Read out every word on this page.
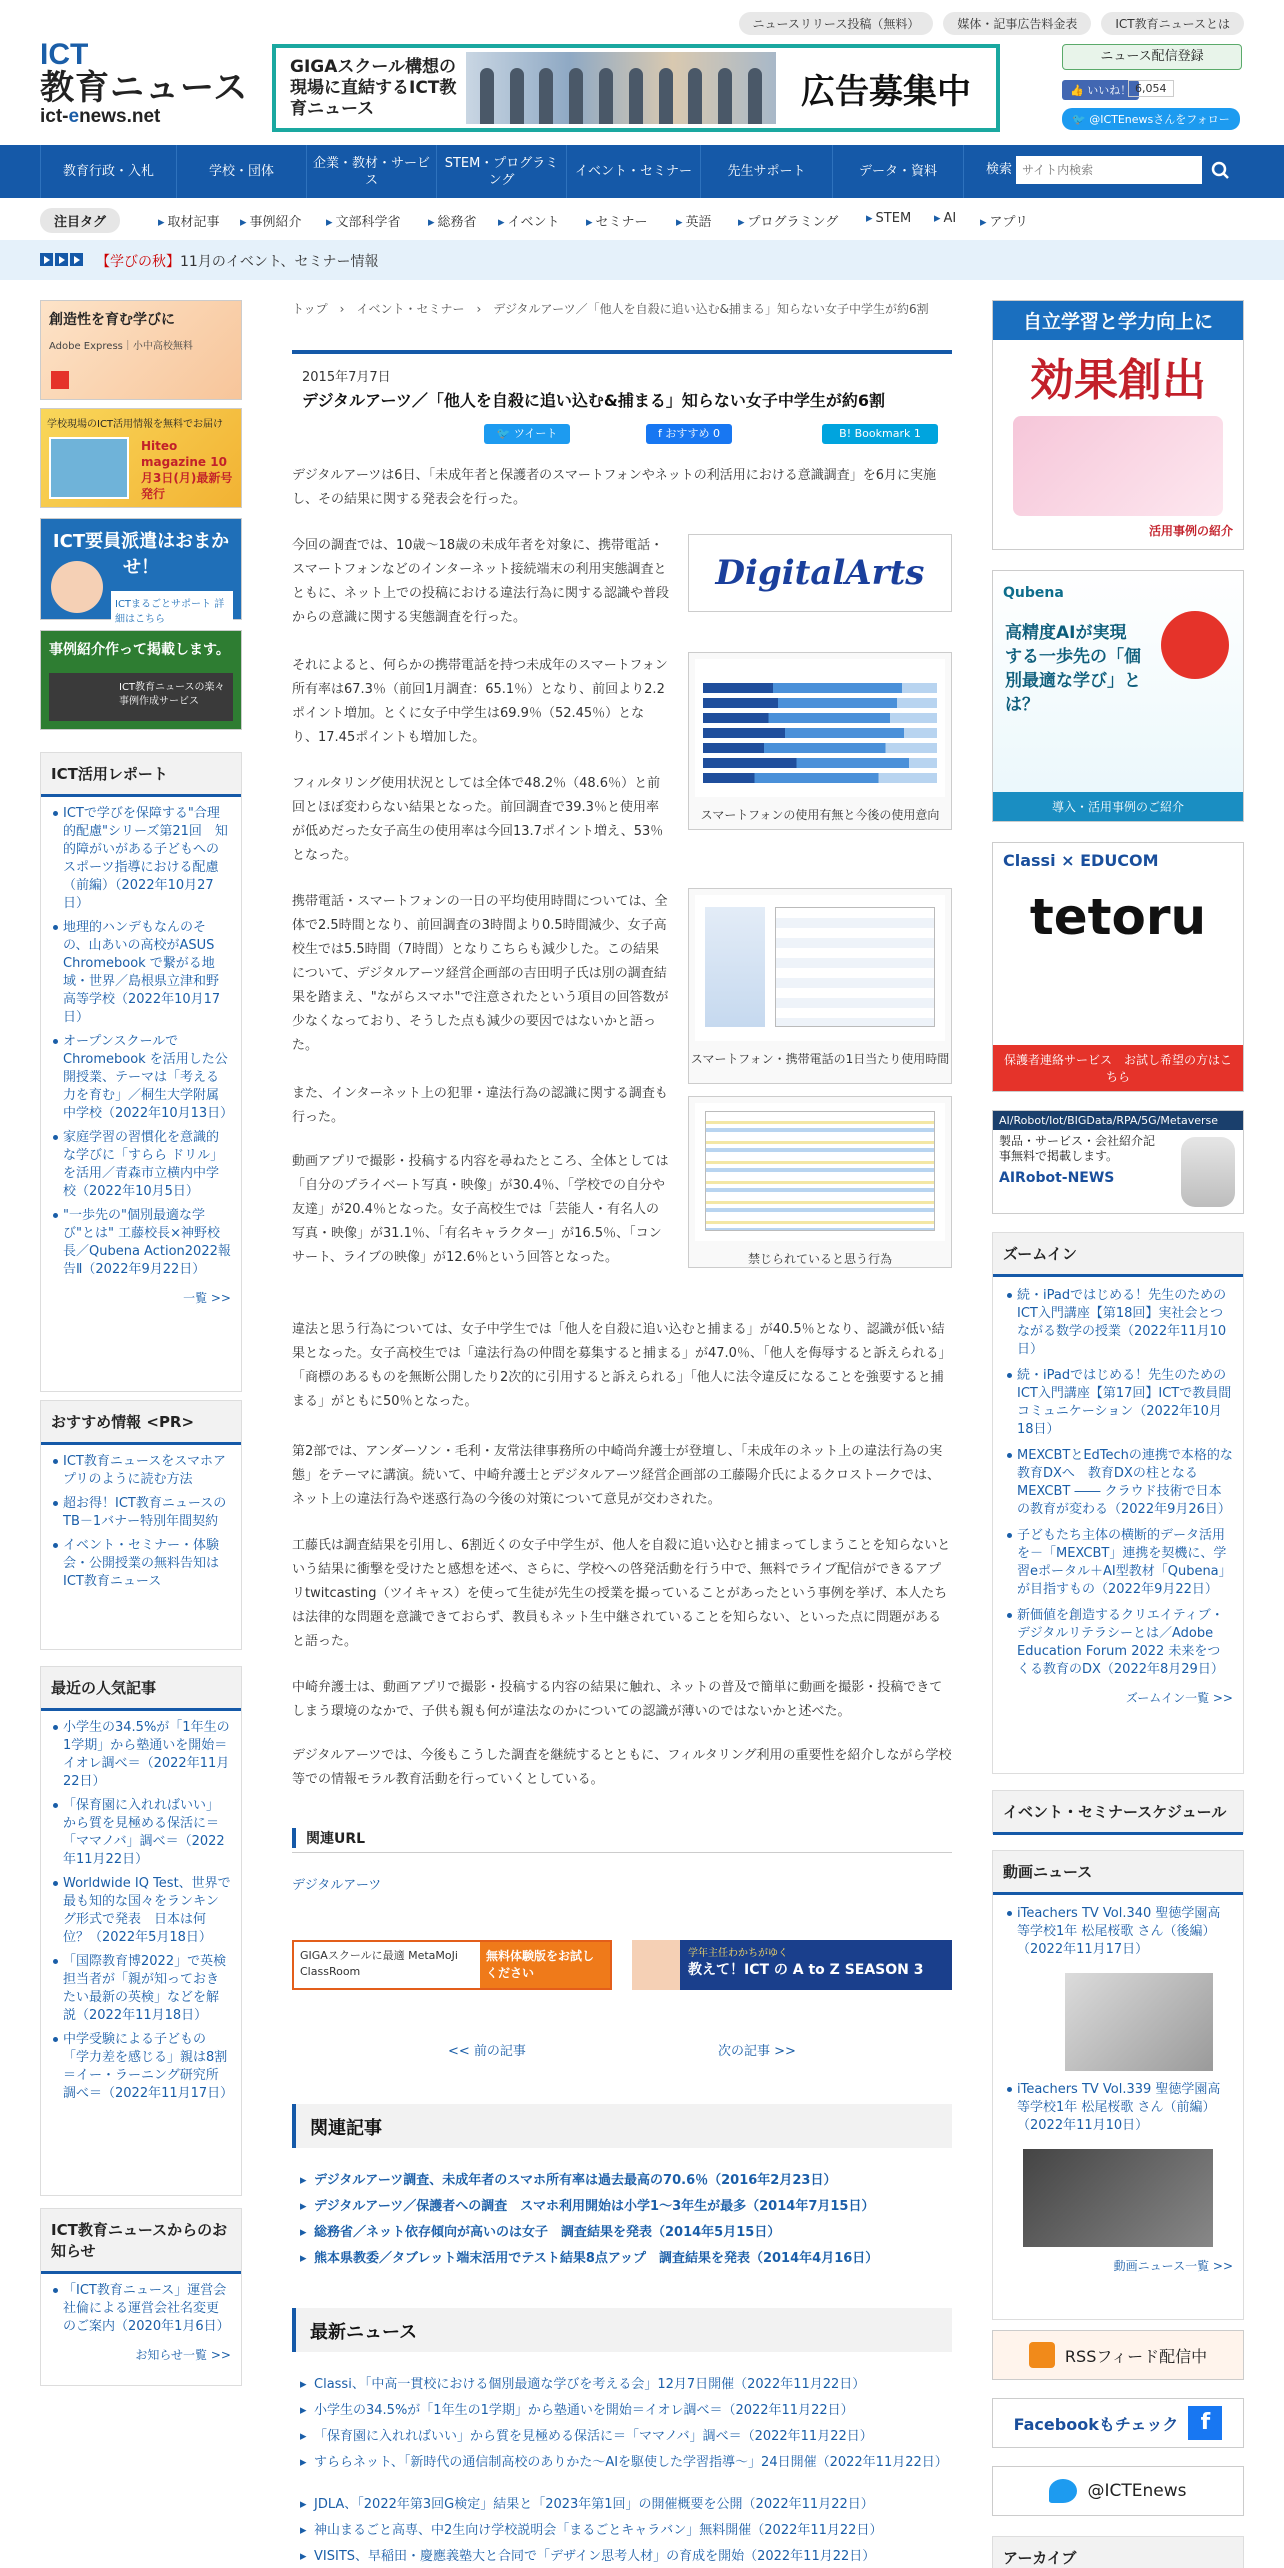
ニュースリリース投稿（無料）	媒体・記事広告料金表	ICT教育ニュースとは
ICT
教育ニュース
ict-enews.net
GIGAスクール構想の現場に直結するICT教育ニュース	広告募集中
ニュース配信登録
👍 いいね！ 6,054
🐦 @ICTEnewsさんをフォロー
教育行政・入札	学校・団体
企業・教材・サービス
STEM・プログラミング
イベント・セミナー	先生サポート	データ・資料	検索
サイト内検索
注目タグ	▸ 取材記事	▸ 事例紹介	▸ 文部科学省	▸ 総務省	▸ イベント	▸ セミナー	▸ 英語	▸ プログラミング	▸ STEM	▸ AI	▸ アプリ
【学びの秋】11月のイベント、セミナー情報
創造性を育む学びに
Adobe Express｜小中高校無料
学校現場のICT活用情報を無料でお届け
Hiteo magazine 10月3日(月)最新号発行
ICT要員派遣はおまかせ！
ICTまるごとサポート 詳細はこちら
事例紹介作って掲載します。
ICT教育ニュースの楽々事例作成サービス
ICT活用レポート
ICTで学びを保障する"合理的配慮"シリーズ第21回　知的障がいがある子どもへのスポーツ指導における配慮（前編）（2022年10月27日）
地理的ハンデもなんのその、山あいの高校がASUS Chromebook で繋がる地域・世界／島根県立津和野高等学校（2022年10月17日）
オープンスクールでChromebook を活用した公開授業、テーマは「考える力を育む」／桐生大学附属中学校（2022年10月13日）
家庭学習の習慣化を意識的な学びに「すらら ドリル」を活用／青森市立横内中学校（2022年10月5日）
"一歩先の"個別最適な学び"とは" 工藤校長×神野校長／Qubena Action2022報告Ⅱ（2022年9月22日）
一覧 >>
おすすめ情報 <PR>
ICT教育ニュースをスマホアプリのように読む方法
超お得！ICT教育ニュースのTB－1バナー特別年間契約
イベント・セミナー・体験会・公開授業の無料告知はICT教育ニュース
最近の人気記事
小学生の34.5%が「1年生の1学期」から塾通いを開始＝イオレ調べ＝（2022年11月22日）
「保育園に入れればいい」から質を見極める保活に＝「ママノバ」調べ＝（2022年11月22日）
Worldwide IQ Test、世界で最も知的な国々をランキング形式で発表　日本は何位？（2022年5月18日）
「国際教育博2022」で英検担当者が「親が知っておきたい最新の英検」などを解説（2022年11月18日）
中学受験による子どもの「学力差を感じる」親は8割＝イー・ラーニング研究所調べ＝（2022年11月17日）
ICT教育ニュースからのお知らせ
「ICT教育ニュース」運営会社倫による運営会社名変更のご案内（2020年1月6日）
お知らせ一覧 >>
トップ　›　イベント・セミナー　›　デジタルアーツ／「他人を自殺に追い込む&捕まる」知らない女子中学生が約6割
2015年7月7日
デジタルアーツ／「他人を自殺に追い込む&捕まる」知らない女子中学生が約6割
🐦 ツイート	f おすすめ 0	B! Bookmark 1
デジタルアーツは6日、「未成年者と保護者のスマートフォンやネットの利活用における意識調査」を6月に実施し、その結果に関する発表会を行った。
今回の調査では、10歳～18歳の未成年者を対象に、携帯電話・スマートフォンなどのインターネット接続端末の利用実態調査とともに、ネット上での投稿における違法行為に関する認識や普段からの意識に関する実態調査を行った。
それによると、何らかの携帯電話を持つ未成年のスマートフォン所有率は67.3％（前回1月調査：65.1％）となり、前回より2.2ポイント増加。とくに女子中学生は69.9％（52.45％）となり、17.45ポイントも増加した。
フィルタリング使用状況としては全体で48.2％（48.6％）と前回とほぼ変わらない結果となった。前回調査で39.3％と使用率が低めだった女子高生の使用率は今回13.7ポイント増え、53％となった。
携帯電話・スマートフォンの一日の平均使用時間については、全体で2.5時間となり、前回調査の3時間より0.5時間減少、女子高校生では5.5時間（7時間）となりこちらも減少した。この結果について、デジタルアーツ経営企画部の吉田明子氏は別の調査結果を踏まえ、"ながらスマホ"で注意されたという項目の回答数が少なくなっており、そうした点も減少の要因ではないかと語った。
また、インターネット上の犯罪・違法行為の認識に関する調査も行った。
動画アプリで撮影・投稿する内容を尋ねたところ、全体としては「自分のプライベート写真・映像」が30.4％、「学校での自分や友達」が20.4％となった。女子高校生では「芸能人・有名人の写真・映像」が31.1％、「有名キャラクター」が16.5％、「コンサート、ライブの映像」が12.6％という回答となった。
違法と思う行為については、女子中学生では「他人を自殺に追い込むと捕まる」が40.5％となり、認識が低い結果となった。女子高校生では「違法行為の仲間を募集すると捕まる」が47.0％、「他人を侮辱すると訴えられる」「商標のあるものを無断公開したり2次的に引用すると訴えられる」「他人に法令違反になることを強要すると捕まる」がともに50％となった。
第2部では、アンダーソン・毛利・友常法律事務所の中崎尚弁護士が登壇し、「未成年のネット上の違法行為の実態」をテーマに講演。続いて、中崎弁護士とデジタルアーツ経営企画部の工藤陽介氏によるクロストークでは、ネット上の違法行為や迷惑行為の今後の対策について意見が交わされた。
工藤氏は調査結果を引用し、6割近くの女子中学生が、他人を自殺に追い込むと捕まってしまうことを知らないという結果に衝撃を受けたと感想を述べ、さらに、学校への啓発活動を行う中で、無料でライブ配信ができるアプリtwitcasting（ツイキャス）を使って生徒が先生の授業を撮っていることがあったという事例を挙げ、本人たちは法律的な問題を意識できておらず、教員もネット生中継されていることを知らない、といった点に問題があると語った。
中崎弁護士は、動画アプリで撮影・投稿する内容の結果に触れ、ネットの普及で簡単に動画を撮影・投稿できてしまう環境のなかで、子供も親も何が違法なのかについての認識が薄いのではないかと述べた。
デジタルアーツでは、今後もこうした調査を継続するとともに、フィルタリング利用の重要性を紹介しながら学校等での情報モラル教育活動を行っていくとしている。
DigitalArts
スマートフォンの使用有無と今後の使用意向
スマートフォン・携帯電話の1日当たり使用時間
禁じられていると思う行為
関連URL
デジタルアーツ
GIGAスクールに最適 MetaMoJi ClassRoom
無料体験版をお試しください
学年主任わかちがゆく
教えて！ICT の A to Z SEASON 3
<< 前の記事	次の記事 >>
関連記事
▸ デジタルアーツ調査、未成年者のスマホ所有率は過去最高の70.6％（2016年2月23日）
▸ デジタルアーツ／保護者への調査　スマホ利用開始は小学1～3年生が最多（2014年7月15日）
▸ 総務省／ネット依存傾向が高いのは女子　調査結果を発表（2014年5月15日）
▸ 熊本県教委／タブレット端末活用でテスト結果8点アップ　調査結果を発表（2014年4月16日）
最新ニュース
▸ Classi、「中高一貫校における個別最適な学びを考える会」12月7日開催（2022年11月22日）
▸ 小学生の34.5%が「1年生の1学期」から塾通いを開始＝イオレ調べ＝（2022年11月22日）
▸ 「保育園に入れればいい」から質を見極める保活に＝「ママノバ」調べ＝（2022年11月22日）
▸ すららネット、「新時代の通信制高校のありかた～AIを駆使した学習指導～」24日開催（2022年11月22日）
▸ JDLA、「2022年第3回G検定」結果と「2023年第1回」の開催概要を公開（2022年11月22日）
▸ 神山まるごと高専、中2生向け学校説明会「まるごとキャラバン」無料開催（2022年11月22日）
▸ VISITS、早稲田・慶應義塾大と合同で「デザイン思考人材」の育成を開始（2022年11月22日）
自立学習と学力向上に
効果創出
活用事例の紹介
Qubena
高精度AIが実現する一歩先の「個別最適な学び」とは？
導入・活用事例のご紹介
Classi × EDUCOM
tetoru
保護者連絡サービス　お試し希望の方はこちら
AI/Robot/Iot/BIGData/RPA/5G/Metaverse
製品・サービス・会社紹介記事無料で掲載します。
AIRobot-NEWS
ズームイン
続・iPadではじめる！先生のためのICT入門講座【第18回】実社会とつながる数学の授業（2022年11月10日）
続・iPadではじめる！先生のためのICT入門講座【第17回】ICTで教員間コミュニケーション（2022年10月18日）
MEXCBTとEdTechの連携で本格的な教育DXへ　教育DXの柱となるMEXCBT ―― クラウド技術で日本の教育が変わる（2022年9月26日）
子どもたち主体の横断的データ活用を－「MEXCBT」連携を契機に、学習eポータル＋AI型教材「Qubena」が目指すもの（2022年9月22日）
新価値を創造するクリエイティブ・デジタルリテラシーとは／Adobe Education Forum 2022 未来をつくる教育のDX（2022年8月29日）
ズームイン一覧 >>
イベント・セミナースケジュール
動画ニュース
iTeachers TV Vol.340 聖徳学園高等学校1年 松尾桜歌 さん（後編）（2022年11月17日）
iTeachers TV Vol.339 聖徳学園高等学校1年 松尾桜歌 さん（前編）（2022年11月10日）
動画ニュース一覧 >>
RSSフィード配信中
Facebookもチェック	f
@ICTEnews
アーカイブ
